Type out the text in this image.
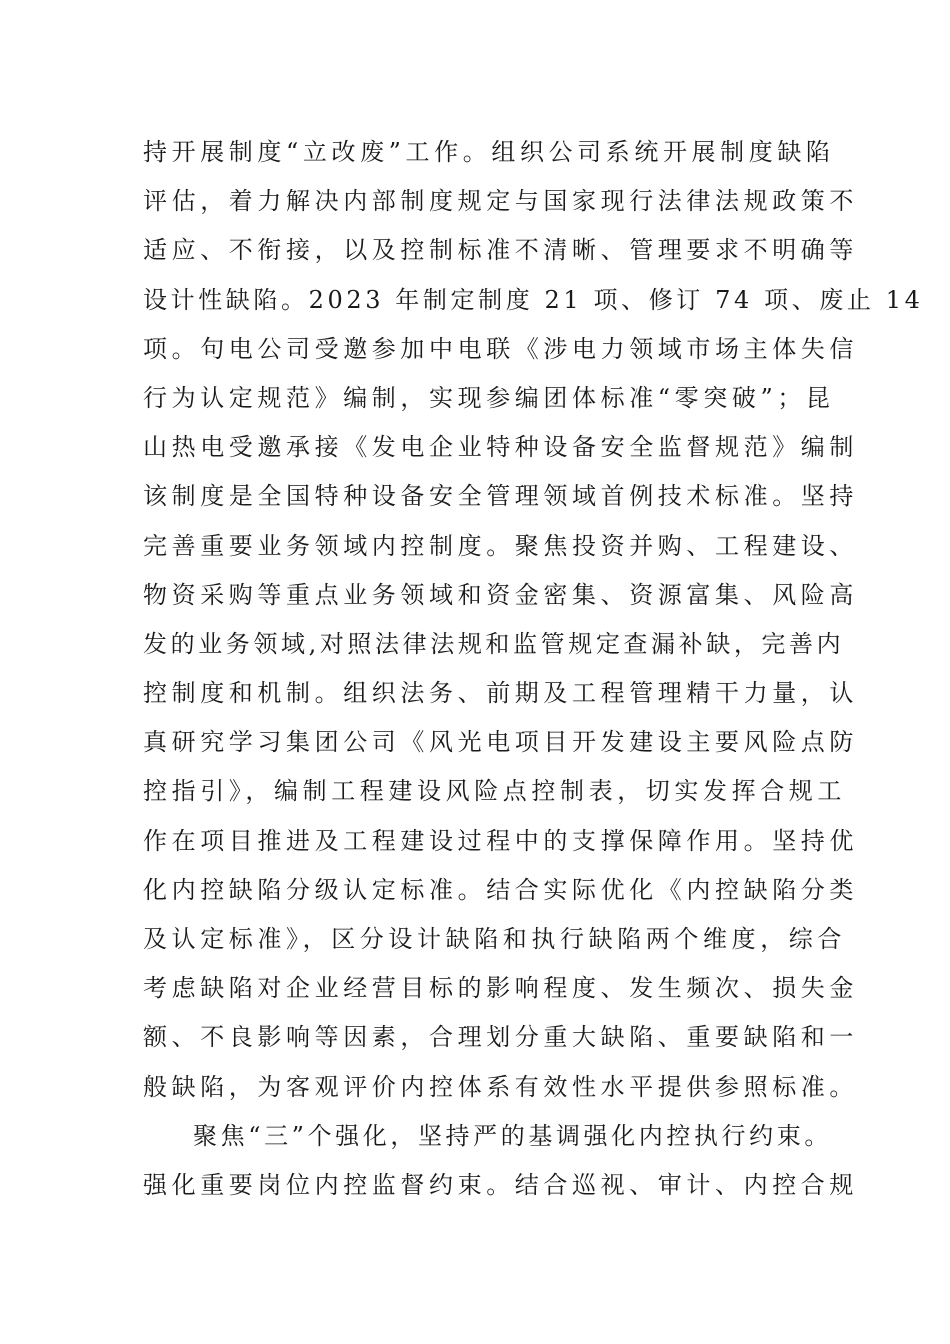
持开展制度“立改废”工作。组织公司系统开展制度缺陷
评估，着力解决内部制度规定与国家现行法律法规政策不
适应、不衔接，以及控制标准不清晰、管理要求不明确等
设计性缺陷。2023 年制定制度 21 项、修订 74 项、废止 14
项。句电公司受邀参加中电联《涉电力领域市场主体失信
行为认定规范》编制，实现参编团体标准“零突破”；昆
山热电受邀承接《发电企业特种设备安全监督规范》编制
该制度是全国特种设备安全管理领域首例技术标准。坚持
完善重要业务领域内控制度。聚焦投资并购、工程建设、
物资采购等重点业务领域和资金密集、资源富集、风险高
发的业务领域,对照法律法规和监管规定查漏补缺，完善内
控制度和机制。组织法务、前期及工程管理精干力量，认
真研究学习集团公司《风光电项目开发建设主要风险点防
控指引》，编制工程建设风险点控制表，切实发挥合规工
作在项目推进及工程建设过程中的支撑保障作用。坚持优
化内控缺陷分级认定标准。结合实际优化《内控缺陷分类
及认定标准》，区分设计缺陷和执行缺陷两个维度，综合
考虑缺陷对企业经营目标的影响程度、发生频次、损失金
额、不良影响等因素，合理划分重大缺陷、重要缺陷和一
般缺陷，为客观评价内控体系有效性水平提供参照标准。
聚焦“三”个强化，坚持严的基调强化内控执行约束。
强化重要岗位内控监督约束。结合巡视、审计、内控合规
